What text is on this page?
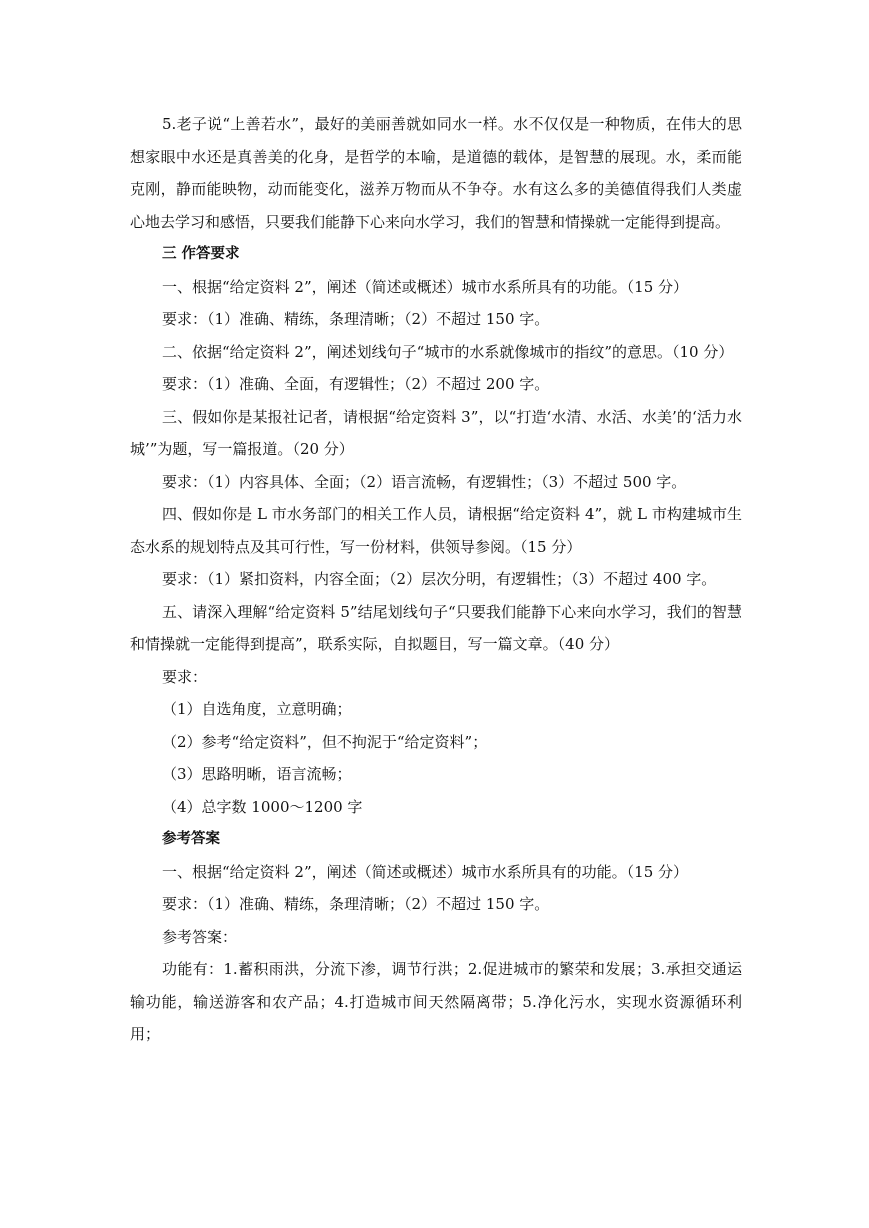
5.老子说“上善若水”，最好的美丽善就如同水一样。水不仅仅是一种物质，在伟大的思想家眼中水还是真善美的化身，是哲学的本喻，是道德的载体，是智慧的展现。水，柔而能克刚，静而能映物，动而能变化，滋养万物而从不争夺。水有这么多的美德值得我们人类虚心地去学习和感悟，只要我们能静下心来向水学习，我们的智慧和情操就一定能得到提高。

三 作答要求

一、根据“给定资料 2”，阐述（简述或概述）城市水系所具有的功能。（15 分）

要求：（1）准确、精练，条理清晰；（2）不超过 150 字。

二、依据“给定资料 2”，阐述划线句子“城市的水系就像城市的指纹”的意思。（10 分）

要求：（1）准确、全面，有逻辑性；（2）不超过 200 字。

三、假如你是某报社记者，请根据“给定资料 3”，以“打造‘水清、水活、水美’的‘活力水城’”为题，写一篇报道。（20 分）

要求：（1）内容具体、全面；（2）语言流畅，有逻辑性；（3）不超过 500 字。

四、假如你是 L 市水务部门的相关工作人员，请根据“给定资料 4”，就 L 市构建城市生态水系的规划特点及其可行性，写一份材料，供领导参阅。（15 分）

要求：（1）紧扣资料，内容全面；（2）层次分明，有逻辑性；（3）不超过 400 字。

五、请深入理解“给定资料 5”结尾划线句子“只要我们能静下心来向水学习，我们的智慧和情操就一定能得到提高”，联系实际，自拟题目，写一篇文章。（40 分）

要求：

（1）自选角度，立意明确；

（2）参考“给定资料”，但不拘泥于“给定资料”；

（3）思路明晰，语言流畅；

（4）总字数 1000～1200 字

参考答案

一、根据“给定资料 2”，阐述（简述或概述）城市水系所具有的功能。（15 分）

要求：（1）准确、精练，条理清晰；（2）不超过 150 字。

参考答案：

功能有：1.蓄积雨洪，分流下渗，调节行洪；2.促进城市的繁荣和发展；3.承担交通运输功能，输送游客和农产品；4.打造城市间天然隔离带；5.净化污水，实现水资源循环利用；
